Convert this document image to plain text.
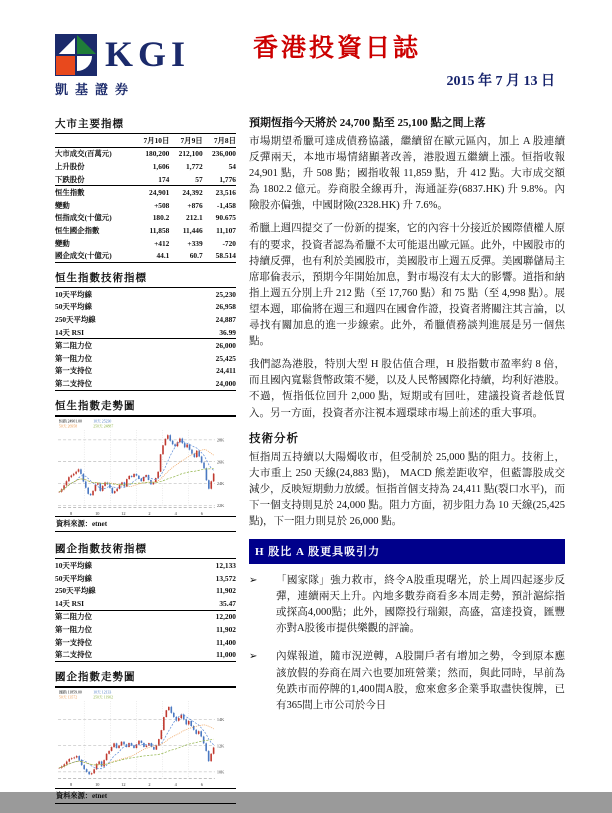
KGI
凱基證券
香港投資日誌
2015 年 7 月 13 日
大市主要指標
	7月10日	7月9日	7月8日
大市成交(百萬元)	180,200	212,100	236,000
上升股份	1,606	1,772	54
下跌股份	174	57	1,776
恒生指數	24,901	24,392	23,516
變動	+508	+876	-1,458
恒指成交(十億元)	180.2	212.1	90.675
恒生國企指數	11,858	11,446	11,107
變動	+412	+339	-720
國企成交(十億元)	44.1	60.7	58.514
恒生指數技術指標
10天平均線	25,230
50天平均線	26,958
250天平均線	24,887
14天 RSI	36.99
第二阻力位	26,000
第一阻力位	25,425
第一支持位	24,411
第二支持位	24,000
恒生指數走勢圖
28K
26K
24K
22K
8	10	12	2	4	6
恒指 24901.00	10天 25230
50天 26958	250天 24887
資料來源：etnet
國企指數技術指標
10天平均線	12,133
50天平均線	13,572
250天平均線	11,902
14天 RSI	35.47
第二阻力位	12,200
第一阻力位	11,902
第一支持位	11,400
第二支持位	11,000
國企指數走勢圖
14K
12K
10K
8	10	12	2	4	6
國指 11859.00	10天 12133
50天 13572	250天 11902
資料來源：etnet
預期恆指今天將於 24,700 點至 25,100 點之間上落

市場期望希臘可達成債務協議，繼續留在歐元區內，加上 A 股連續反彈兩天，本地市場情緒顯著改善，港股週五繼續上漲。恒指收報 24,901 點，升 508 點；國指收報 11,859 點，升 412 點。大市成交額為 1802.2 億元。券商股全線再升，海通証券(6837.HK) 升 9.8%。內險股亦偏強，中國財險(2328.HK) 升 7.6%。

希臘上週四提交了一份新的提案，它的內容十分接近於國際債權人原有的要求，投資者認為希臘不太可能退出歐元區。此外，中國股市的持續反彈，也有利於美國股市，美國股市上週五反彈。美國聯儲局主席耶倫表示，預期今年開始加息，對市場沒有太大的影響。道指和納指上週五分別上升 212 點（至 17,760 點）和 75 點（至 4,998 點）。展望本週，耶倫將在週三和週四在國會作證，投資者將關注其言論，以尋找有關加息的進一步線索。此外，希臘債務談判進展是另一個焦點。

我們認為港股，特別大型 H 股估值合理，H 股指數市盈率約 8 倍，而且國內寬鬆貨幣政策不變，以及人民幣國際化持續，均利好港股。不過，恆指低位回升 2,000 點，短期或有回吐，建議投資者趁低買入。另一方面，投資者亦注視本週環球市場上前述的重大事項。

技術分析

恒指周五持續以大陽燭收市，但受制於 25,000 點的阻力。技術上，大市重上 250 天線(24,883 點)， MACD 熊差距收窄，但藍籌股成交減少，反映短期動力放緩。恒指首個支持為 24,411 點(裂口水平)，而下一個支持則見於 24,000 點。阻力方面，初步阻力為 10 天線(25,425 點)，下一阻力則見於 26,000 點。

H 股比 A 股更具吸引力
➢	「國家隊」強力救市，終令A股重現曙光，於上周四起逐步反彈，連續兩天上升。內地多數券商看多本周走勢，預計滬綜指或探高4,000點；此外，國際投行瑞銀，高盛，富達投資，匯豐亦對A股後市提供樂觀的評論。
➢	內媒報道，隨市況逆轉，A股開戶者有增加之勢，令到原本應該放假的券商在周六也要加班營業；然而，與此同時，早前為免跌市而停牌的1,400間A股，愈來愈多企業爭取盡快復牌，已有365間上市公司於今日
